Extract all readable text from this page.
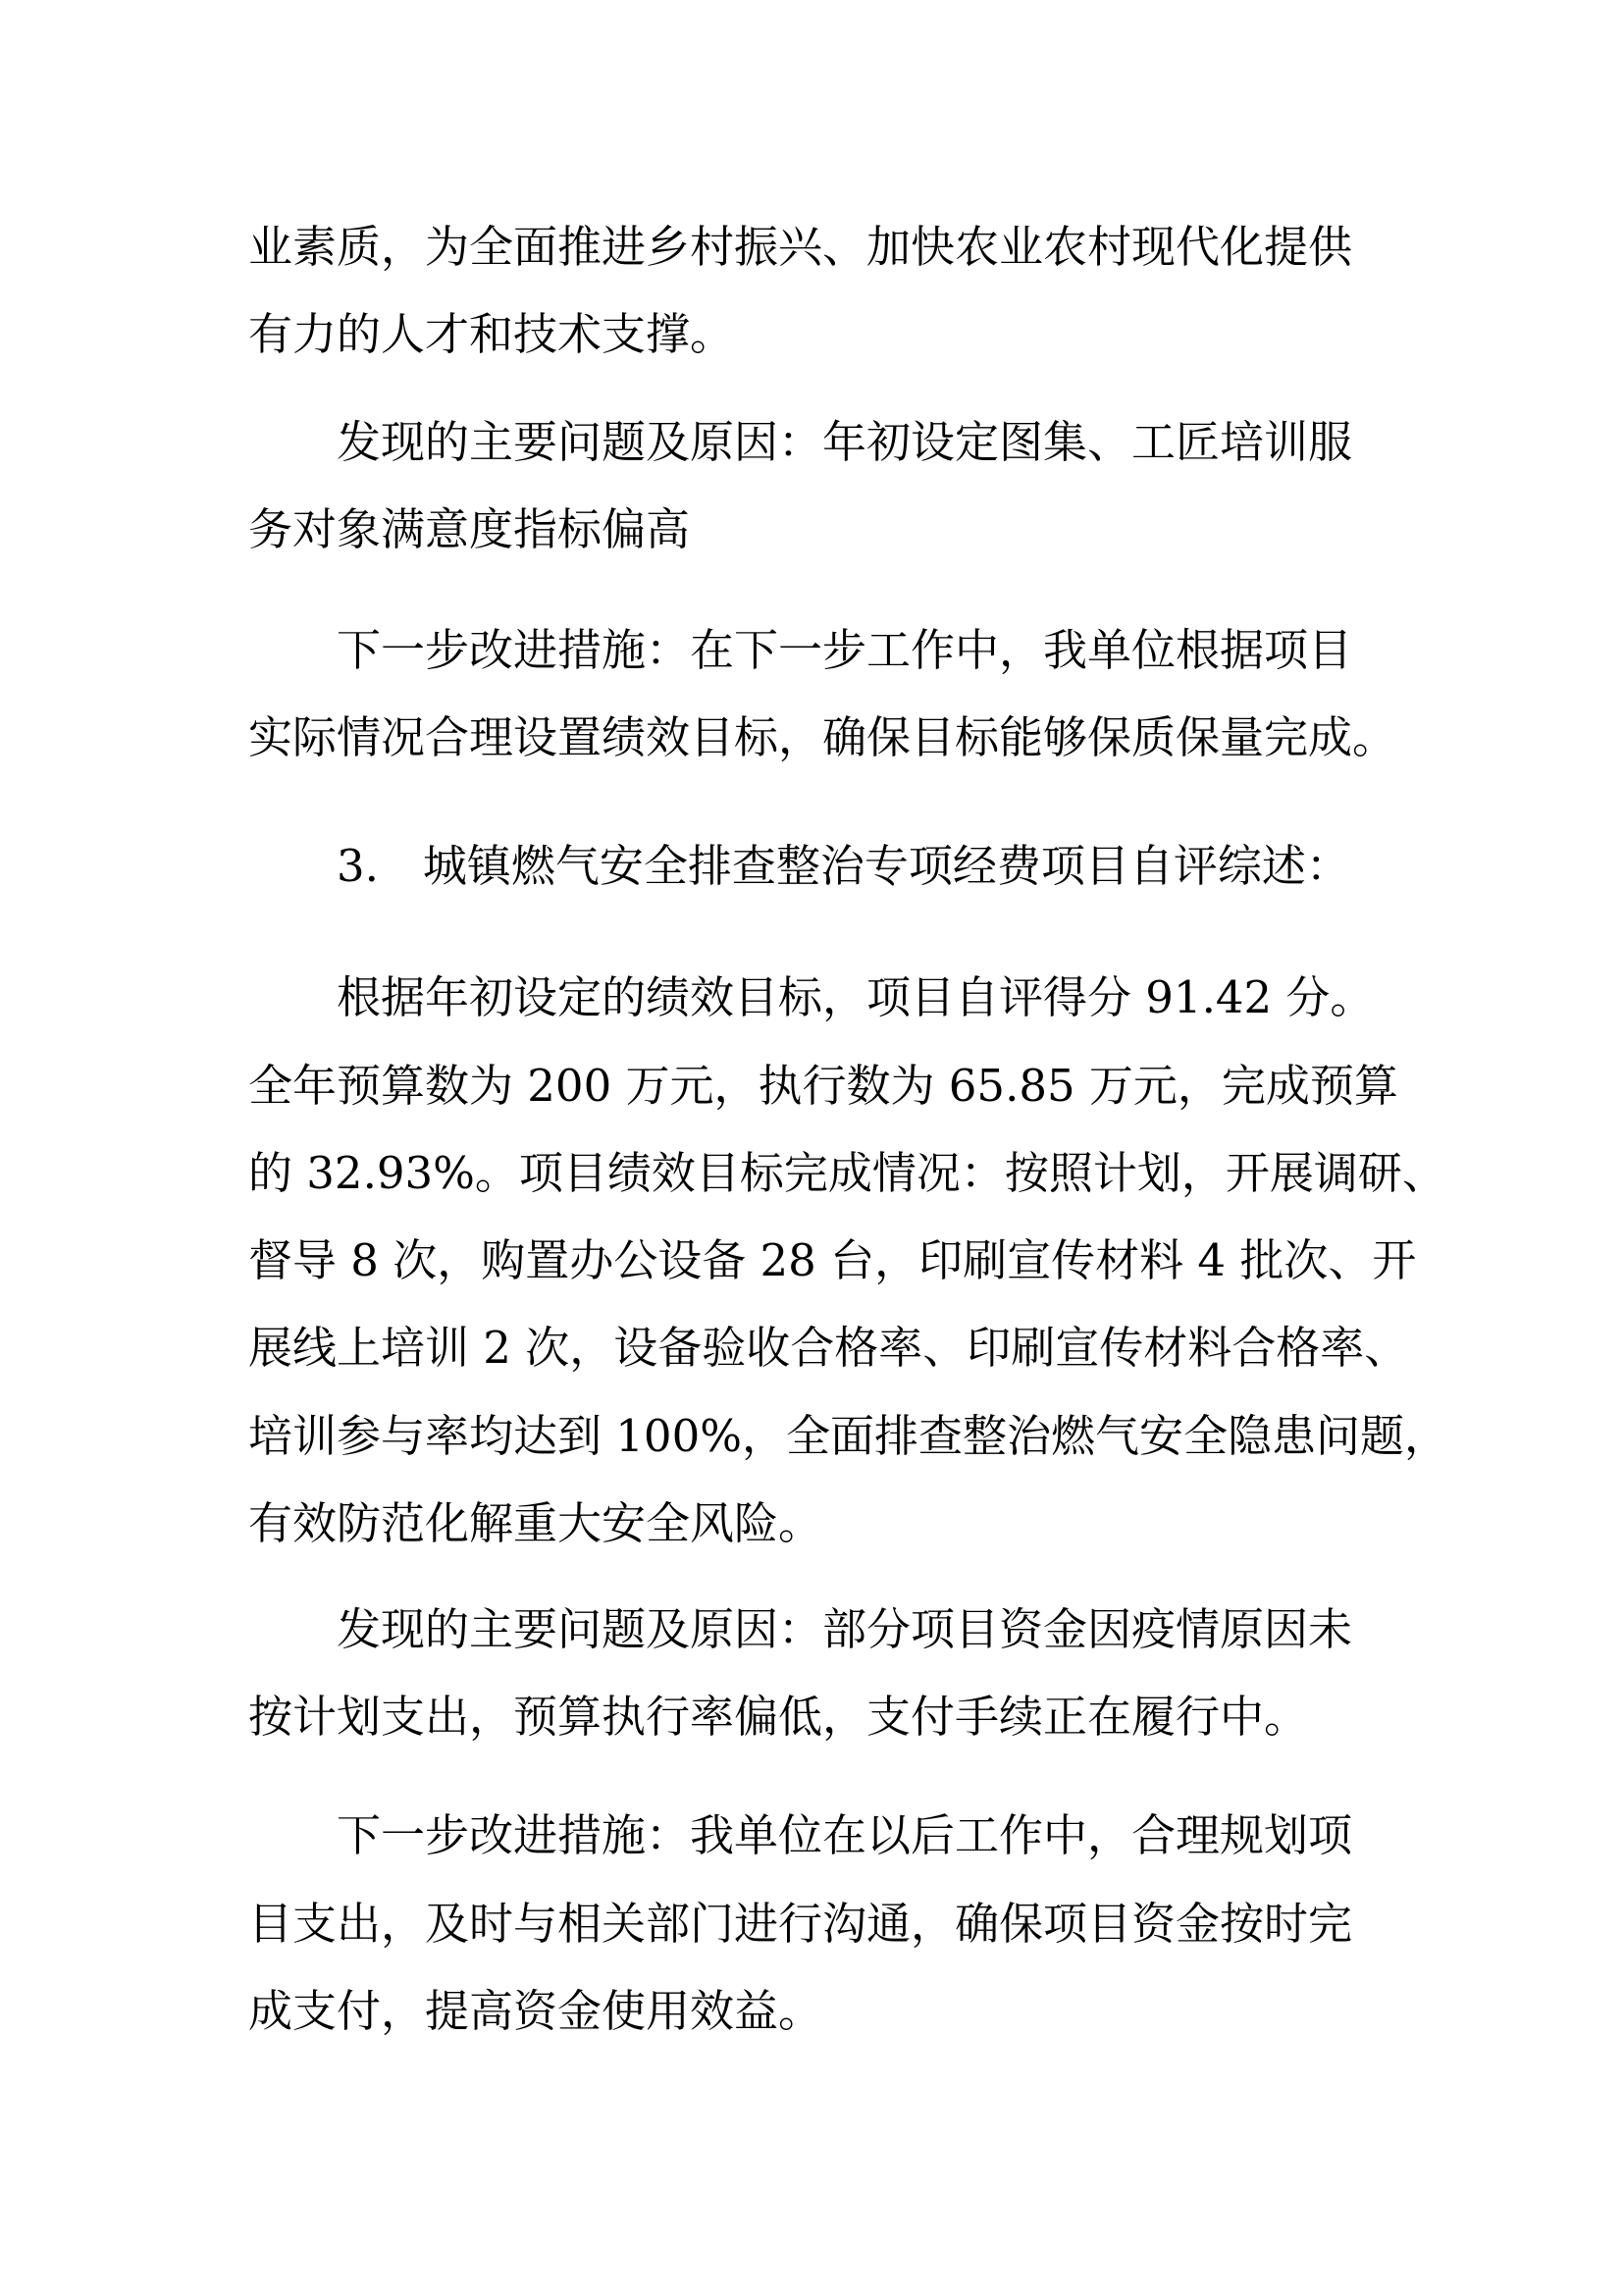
业素质，为全面推进乡村振兴、加快农业农村现代化提供
有力的人才和技术支撑。
发现的主要问题及原因：年初设定图集、工匠培训服
务对象满意度指标偏高
下一步改进措施：在下一步工作中，我单位根据项目
实际情况合理设置绩效目标，确保目标能够保质保量完成。
3.　城镇燃气安全排查整治专项经费项目自评综述：
根据年初设定的绩效目标，项目自评得分 91.42 分。
全年预算数为 200 万元，执行数为 65.85 万元，完成预算
的 32.93%。项目绩效目标完成情况：按照计划，开展调研、
督导 8 次，购置办公设备 28 台，印刷宣传材料 4 批次、开
展线上培训 2 次，设备验收合格率、印刷宣传材料合格率、
培训参与率均达到 100%，全面排查整治燃气安全隐患问题，
有效防范化解重大安全风险。
发现的主要问题及原因：部分项目资金因疫情原因未
按计划支出，预算执行率偏低，支付手续正在履行中。
下一步改进措施：我单位在以后工作中，合理规划项
目支出，及时与相关部门进行沟通，确保项目资金按时完
成支付，提高资金使用效益。
